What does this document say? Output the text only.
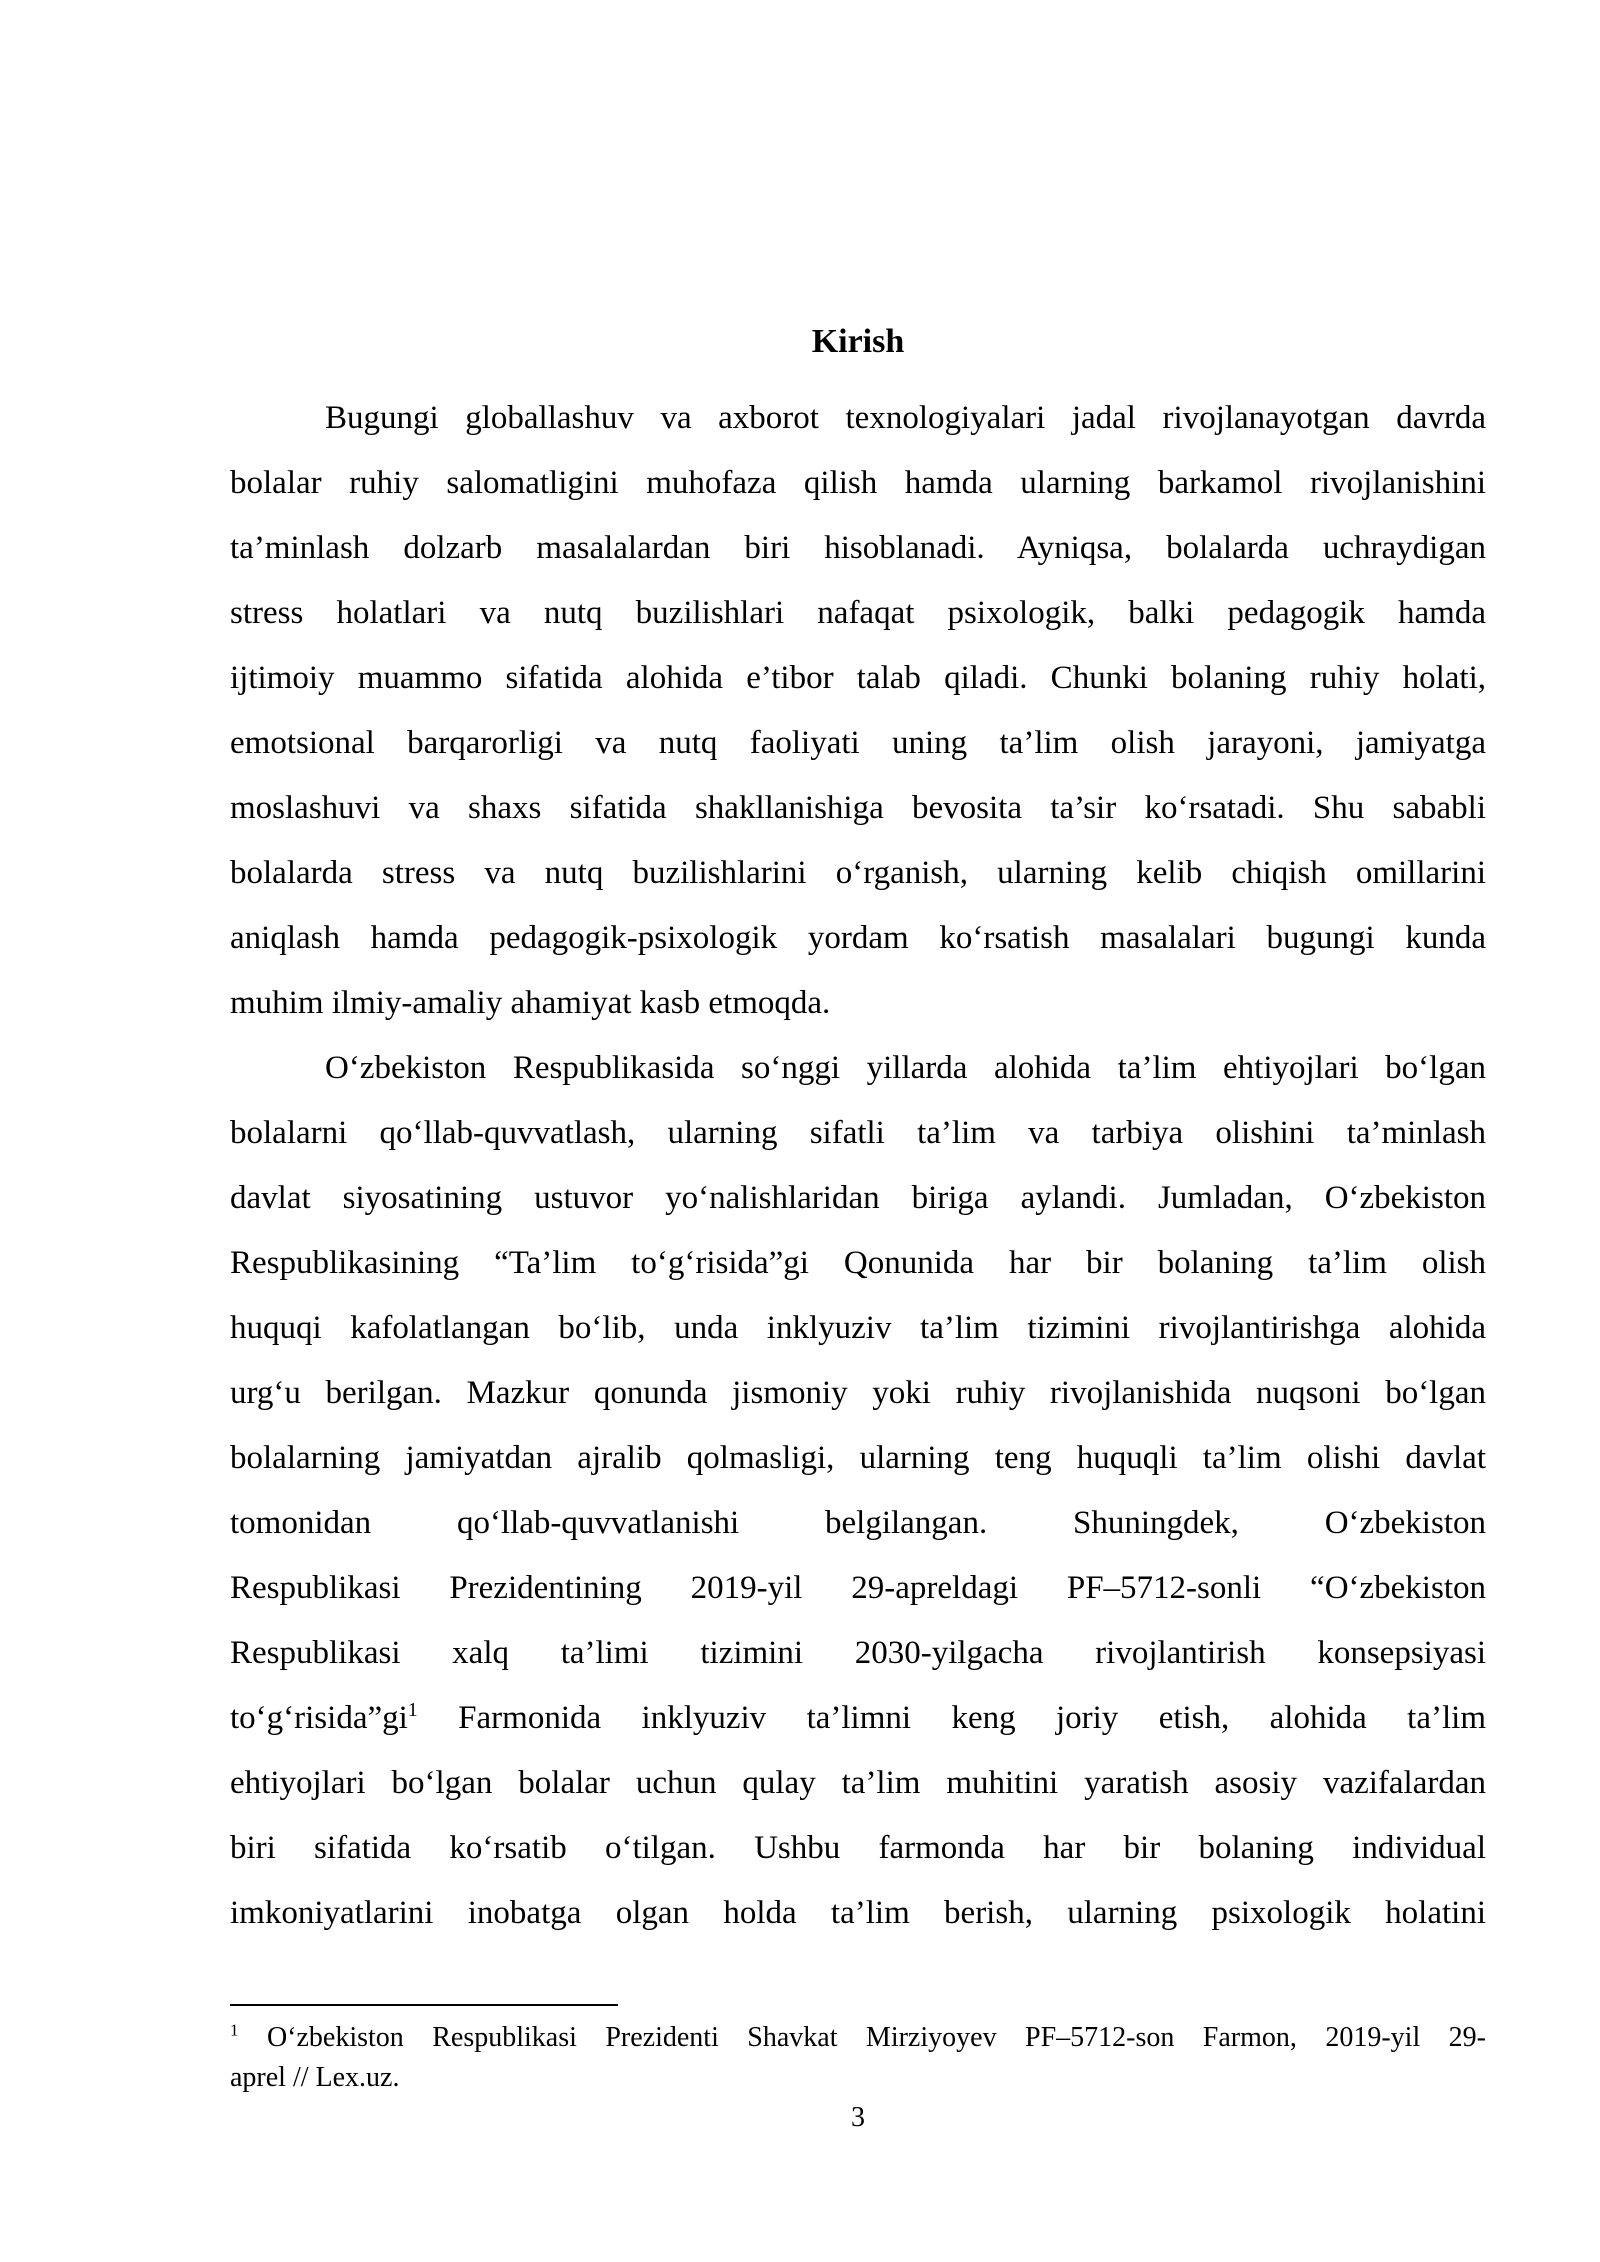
Kirish
Bugungi globallashuv va axborot texnologiyalari jadal rivojlanayotgan davrda
bolalar ruhiy salomatligini muhofaza qilish hamda ularning barkamol rivojlanishini
ta’minlash dolzarb masalalardan biri hisoblanadi. Ayniqsa, bolalarda uchraydigan
stress holatlari va nutq buzilishlari nafaqat psixologik, balki pedagogik hamda
ijtimoiy muammo sifatida alohida e’tibor talab qiladi. Chunki bolaning ruhiy holati,
emotsional barqarorligi va nutq faoliyati uning ta’lim olish jarayoni, jamiyatga
moslashuvi va shaxs sifatida shakllanishiga bevosita ta’sir ko‘rsatadi. Shu sababli
bolalarda stress va nutq buzilishlarini o‘rganish, ularning kelib chiqish omillarini
aniqlash hamda pedagogik-psixologik yordam ko‘rsatish masalalari bugungi kunda
muhim ilmiy-amaliy ahamiyat kasb etmoqda.
O‘zbekiston Respublikasida so‘nggi yillarda alohida ta’lim ehtiyojlari bo‘lgan
bolalarni qo‘llab-quvvatlash, ularning sifatli ta’lim va tarbiya olishini ta’minlash
davlat siyosatining ustuvor yo‘nalishlaridan biriga aylandi. Jumladan, O‘zbekiston
Respublikasining “Ta’lim to‘g‘risida”gi Qonunida har bir bolaning ta’lim olish
huquqi kafolatlangan bo‘lib, unda inklyuziv ta’lim tizimini rivojlantirishga alohida
urg‘u berilgan. Mazkur qonunda jismoniy yoki ruhiy rivojlanishida nuqsoni bo‘lgan
bolalarning jamiyatdan ajralib qolmasligi, ularning teng huquqli ta’lim olishi davlat
tomonidan qo‘llab-quvvatlanishi belgilangan. Shuningdek, O‘zbekiston
Respublikasi Prezidentining 2019-yil 29-apreldagi PF–5712-sonli “O‘zbekiston
Respublikasi xalq ta’limi tizimini 2030-yilgacha rivojlantirish konsepsiyasi
$to‘g‘risida”gi^1$ Farmonida inklyuziv ta’limni keng joriy etish, alohida ta’lim
ehtiyojlari bo‘lgan bolalar uchun qulay ta’lim muhitini yaratish asosiy vazifalardan
biri sifatida ko‘rsatib o‘tilgan. Ushbu farmonda har bir bolaning individual
imkoniyatlarini inobatga olgan holda ta’lim berish, ularning psixologik holatini
$^1$ O‘zbekiston Respublikasi Prezidenti Shavkat Mirziyoyev PF–5712-son Farmon, 2019-yil 29-
aprel // Lex.uz.
3
